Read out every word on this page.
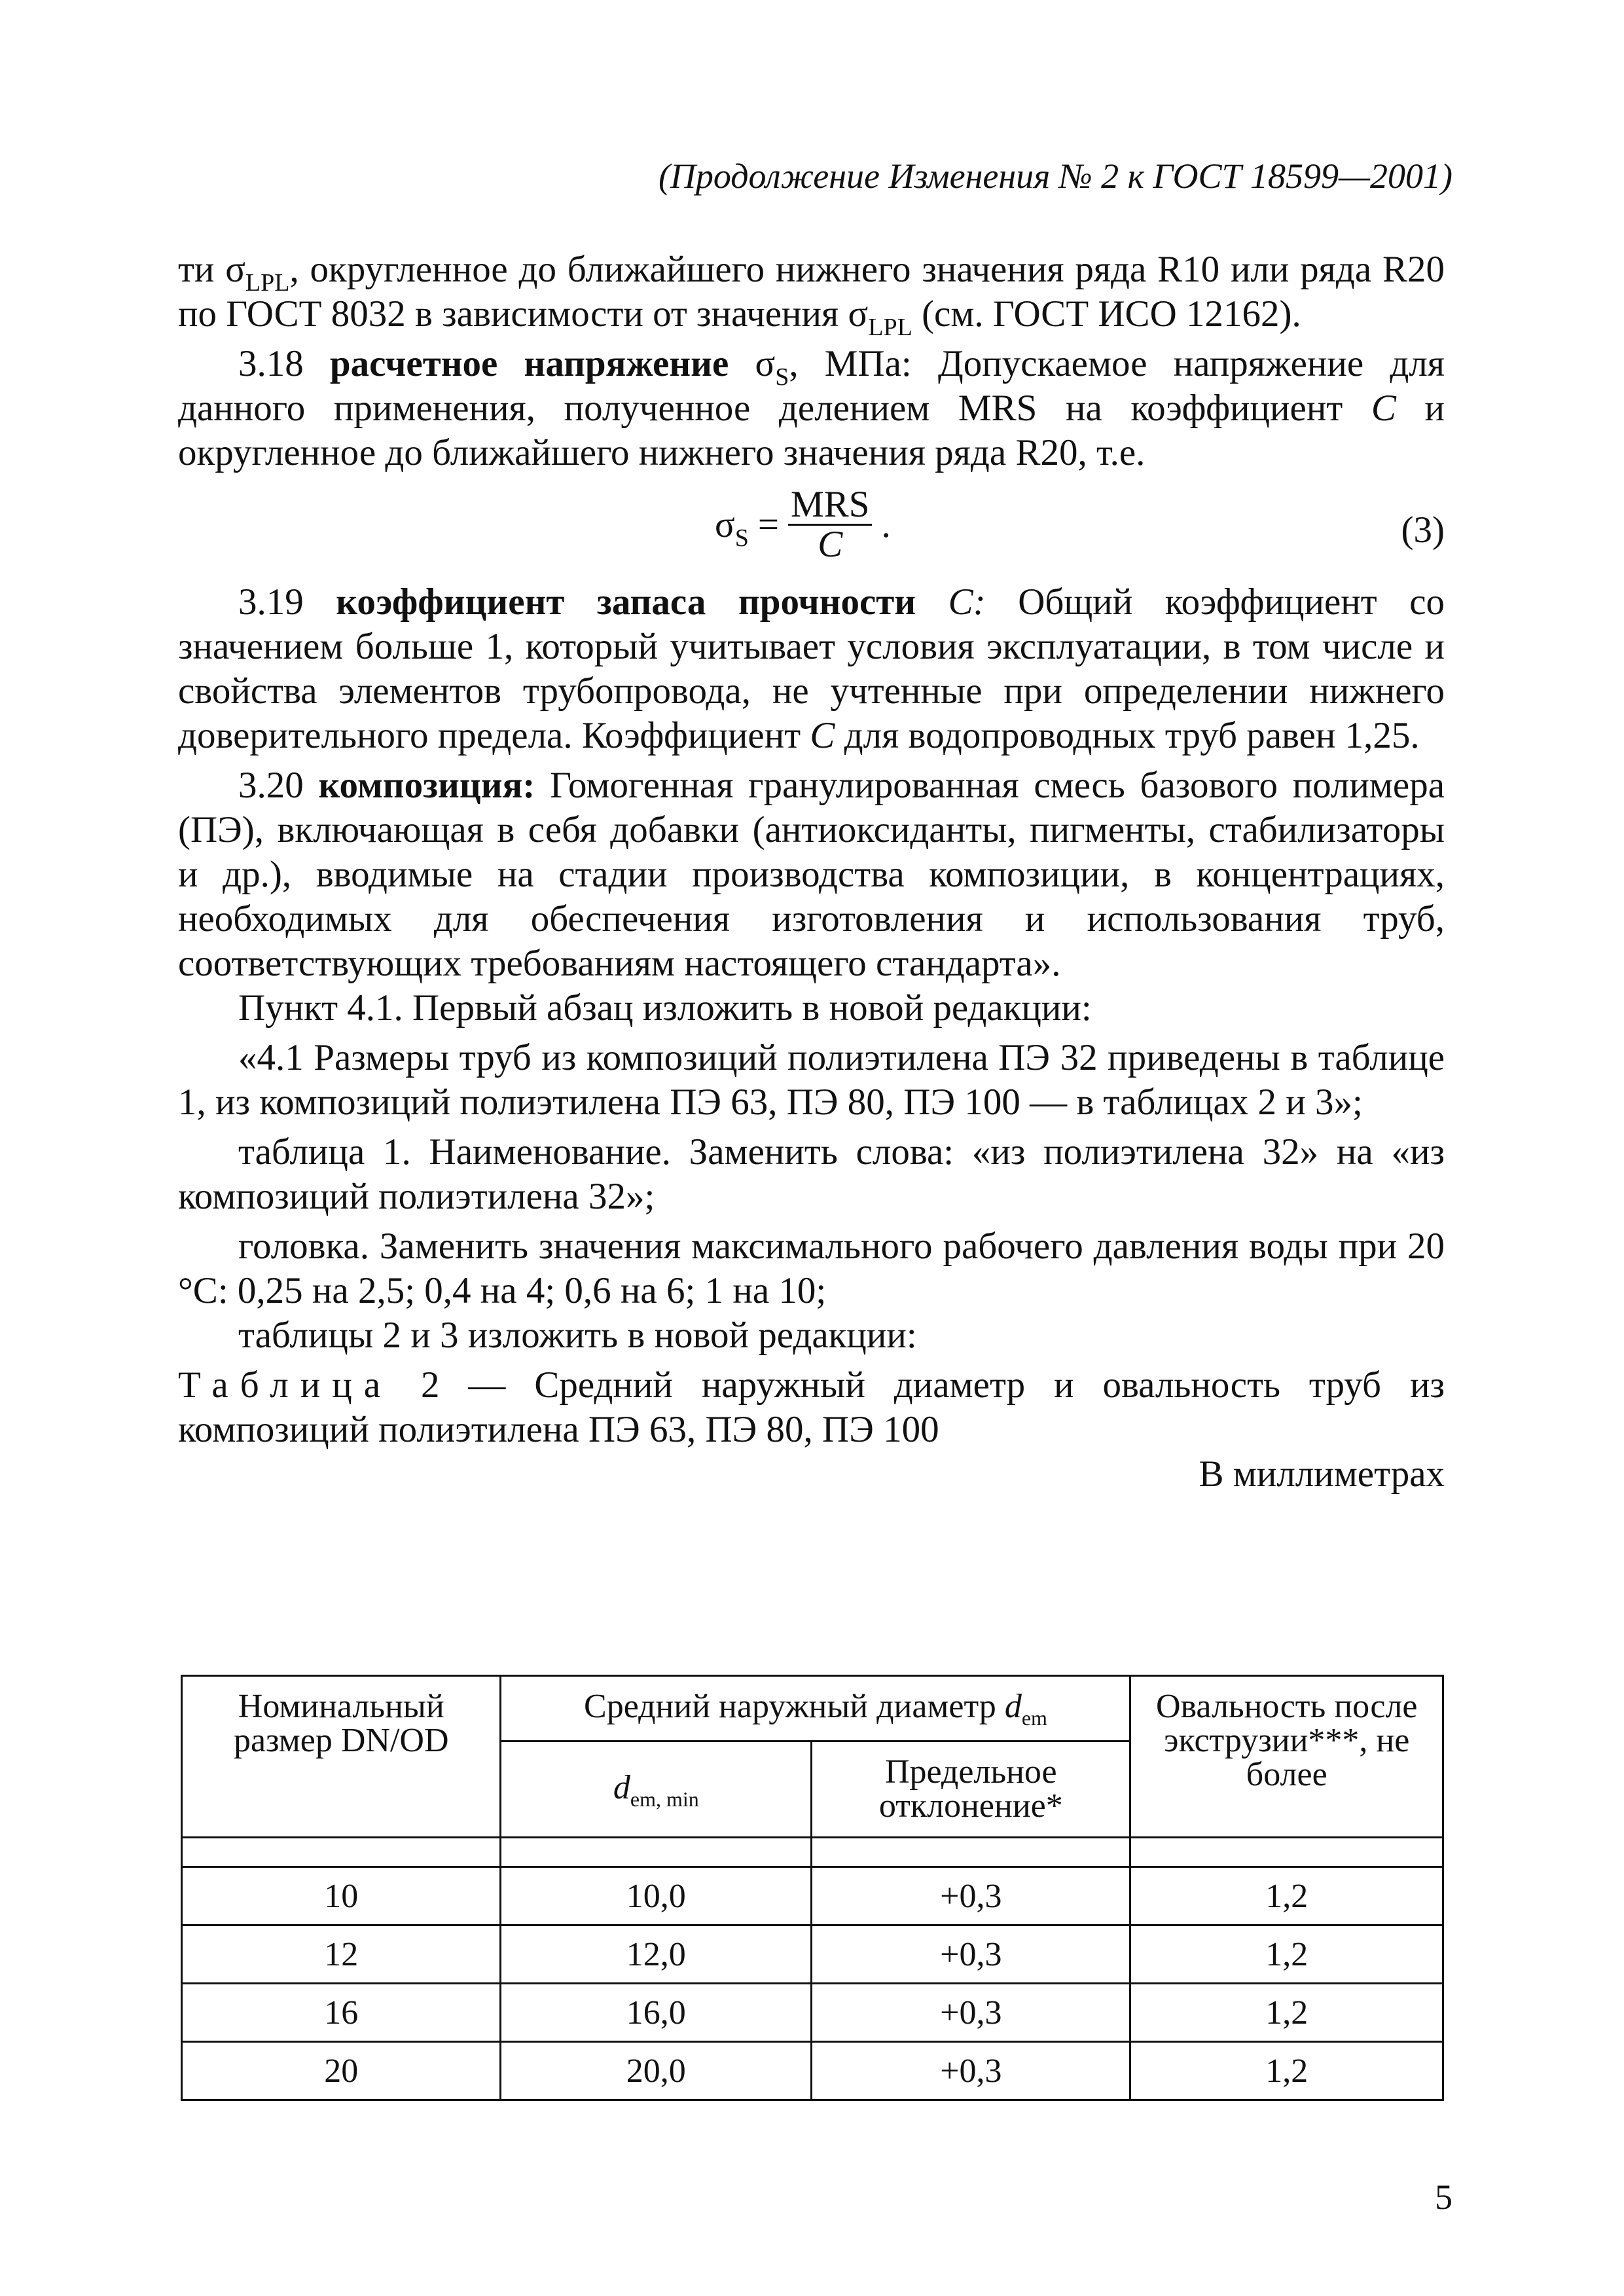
(Продолжение Изменения № 2 к ГОСТ 18599—2001)

ти $\sigma_{LPL}$, округленное до ближайшего нижнего значения ряда R10 или ряда R20 по ГОСТ 8032 в зависимости от значения $\sigma_{LPL}$ (см. ГОСТ ИСО 12162).

3.18 расчетное напряжение $\sigma_S$, МПа: Допускаемое напряжение для данного применения, полученное делением MRS на коэффициент C и округленное до ближайшего нижнего значения ряда R20, т.е.

$\sigma_S = \frac{\text{MRS}}{C}$ .	(3)

3.19 коэффициент запаса прочности C: Общий коэффициент со значением больше 1, который учитывает условия эксплуатации, в том числе и свойства элементов трубопровода, не учтенные при определении нижнего доверительного предела. Коэффициент C для водопроводных труб равен 1,25.

3.20 композиция: Гомогенная гранулированная смесь базового полимера (ПЭ), включающая в себя добавки (антиоксиданты, пигменты, стабилизаторы и др.), вводимые на стадии производства композиции, в концентрациях, необходимых для обеспечения изготовления и использования труб, соответствующих требованиям настоящего стандарта».

Пункт 4.1. Первый абзац изложить в новой редакции:

«4.1 Размеры труб из композиций полиэтилена ПЭ 32 приведены в таблице 1, из композиций полиэтилена ПЭ 63, ПЭ 80, ПЭ 100 — в таблицах 2 и 3»;

таблица 1. Наименование. Заменить слова: «из полиэтилена 32» на «из композиций полиэтилена 32»;

головка. Заменить значения максимального рабочего давления воды при 20 °С: 0,25 на 2,5; 0,4 на 4; 0,6 на 6; 1 на 10;

таблицы 2 и 3 изложить в новой редакции:

Таблица 2 — Средний наружный диаметр и овальность труб из композиций полиэтилена ПЭ 63, ПЭ 80, ПЭ 100

В миллиметрах

Номинальный размер DN/OD	Средний наружный диаметр $d_{em}$		Овальность после экструзии***, не более
	$d_{em, min}$	Предельное отклонение*	

10	10,0	+0,3	1,2
12	12,0	+0,3	1,2
16	16,0	+0,3	1,2
20	20,0	+0,3	1,2
5
